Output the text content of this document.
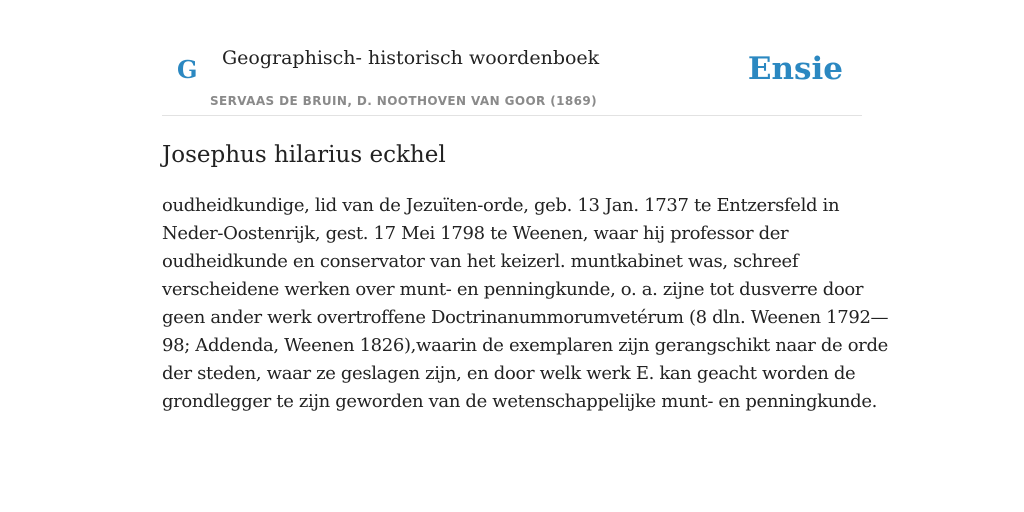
G Geographisch- historisch woordenboek
SERVAAS DE BRUIN, D. NOOTHOVEN VAN GOOR (1869)
Ensie
Josephus hilarius eckhel

oudheidkundige, lid van de Jezuïten-orde, geb. 13 Jan. 1737 te Entzersfeld in
Neder-Oostenrijk, gest. 17 Mei 1798 te Weenen, waar hij professor der
oudheidkunde en conservator van het keizerl. muntkabinet was, schreef
verscheidene werken over munt- en penningkunde, o. a. zijne tot dusverre door
geen ander werk overtroffene Doctrinanummorumvetérum (8 dln. Weenen 1792—
98; Addenda, Weenen 1826),waarin de exemplaren zijn gerangschikt naar de orde
der steden, waar ze geslagen zijn, en door welk werk E. kan geacht worden de
grondlegger te zijn geworden van de wetenschappelijke munt- en penningkunde.
